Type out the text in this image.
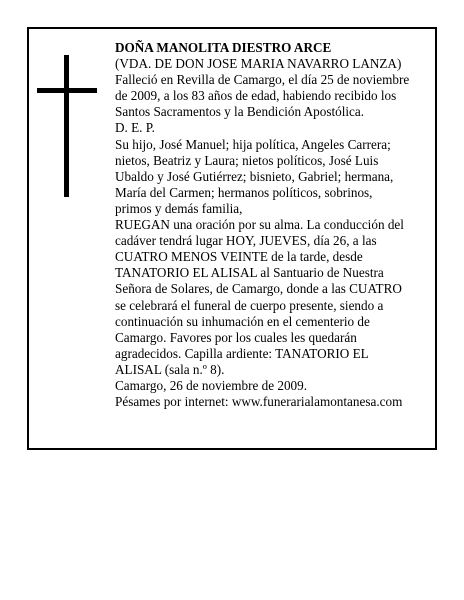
DOÑA MANOLITA DIESTRO ARCE
(VDA. DE DON JOSE MARIA NAVARRO LANZA)
Falleció en Revilla de Camargo, el día 25 de noviembre
de 2009, a los 83 años de edad, habiendo recibido los
Santos Sacramentos y la Bendición Apostólica.
D. E. P.
Su hijo, José Manuel; hija política, Angeles Carrera;
nietos, Beatriz y Laura; nietos políticos, José Luis
Ubaldo y José Gutiérrez; bisnieto, Gabriel; hermana,
María del Carmen; hermanos políticos, sobrinos,
primos y demás familia,
RUEGAN una oración por su alma. La conducción del
cadáver tendrá lugar HOY, JUEVES, día 26, a las
CUATRO MENOS VEINTE de la tarde, desde
TANATORIO EL ALISAL al Santuario de Nuestra
Señora de Solares, de Camargo, donde a las CUATRO
se celebrará el funeral de cuerpo presente, siendo a
continuación su inhumación en el cementerio de
Camargo. Favores por los cuales les quedarán
agradecidos. Capilla ardiente: TANATORIO EL
ALISAL (sala n.º 8).
Camargo, 26 de noviembre de 2009.
Pésames por internet: www.funerarialamontanesa.com
